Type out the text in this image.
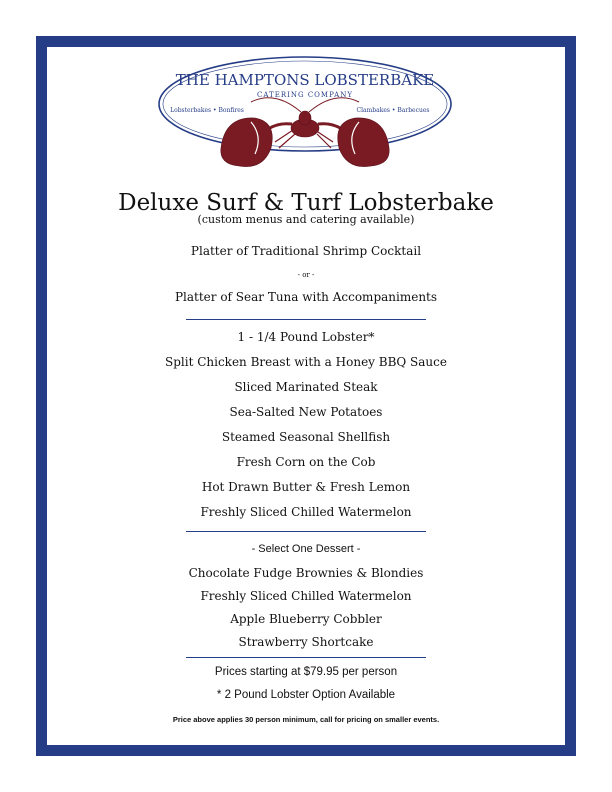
THE HAMPTONS LOBSTERBAKE
CATERING COMPANY
Lobsterbakes • Bonfires	Clambakes • Barbecues
Deluxe Surf & Turf Lobsterbake
(custom menus and catering available)
Platter of Traditional Shrimp Cocktail
- or -
Platter of Sear Tuna with Accompaniments
1 - 1/4 Pound Lobster*
Split Chicken Breast with a Honey BBQ Sauce
Sliced Marinated Steak
Sea-Salted New Potatoes
Steamed Seasonal Shellfish
Fresh Corn on the Cob
Hot Drawn Butter & Fresh Lemon
Freshly Sliced Chilled Watermelon
- Select One Dessert -
Chocolate Fudge Brownies & Blondies
Freshly Sliced Chilled Watermelon
Apple Blueberry Cobbler
Strawberry Shortcake
Prices starting at $79.95 per person
* 2 Pound Lobster Option Available
Price above applies 30 person minimum, call for pricing on smaller events.
